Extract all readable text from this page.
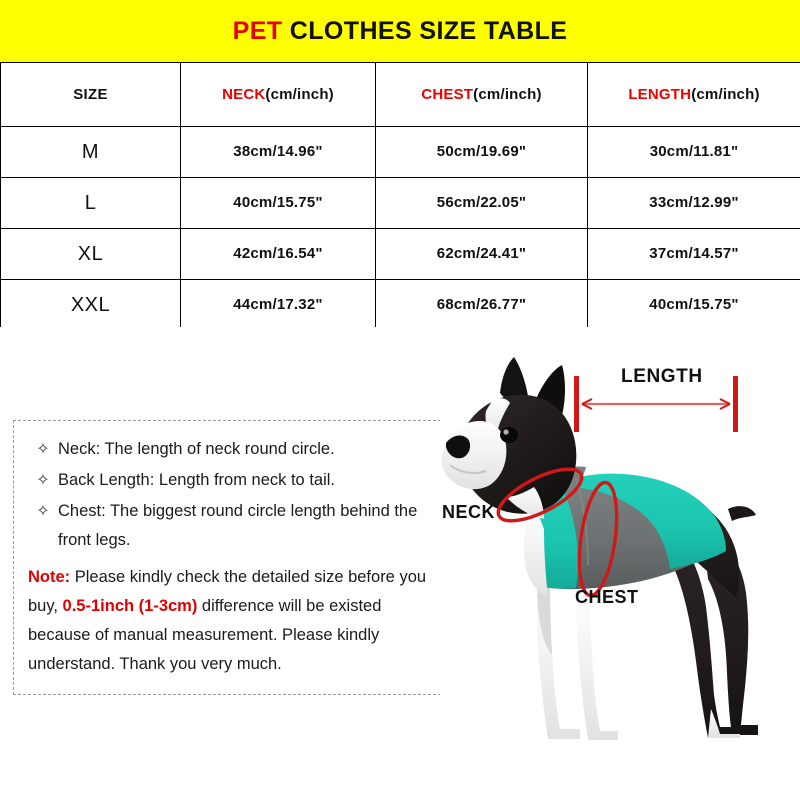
PET CLOTHES SIZE TABLE
SIZE	NECK(cm/inch)	CHEST(cm/inch)	LENGTH(cm/inch)
M	38cm/14.96"	50cm/19.69"	30cm/11.81"
L	40cm/15.75"	56cm/22.05"	33cm/12.99"
XL	42cm/16.54"	62cm/24.41"	37cm/14.57"
XXL	44cm/17.32"	68cm/26.77"	40cm/15.75"
✧ Neck: The length of neck round circle.
✧ Back Length: Length from neck to tail.
✧ Chest: The biggest round circle length behind the front legs.
Note: Please kindly check the detailed size before you buy, 0.5-1inch (1-3cm) difference will be existed because of manual measurement. Please kindly understand. Thank you very much.
LENGTH
NECK
CHEST
